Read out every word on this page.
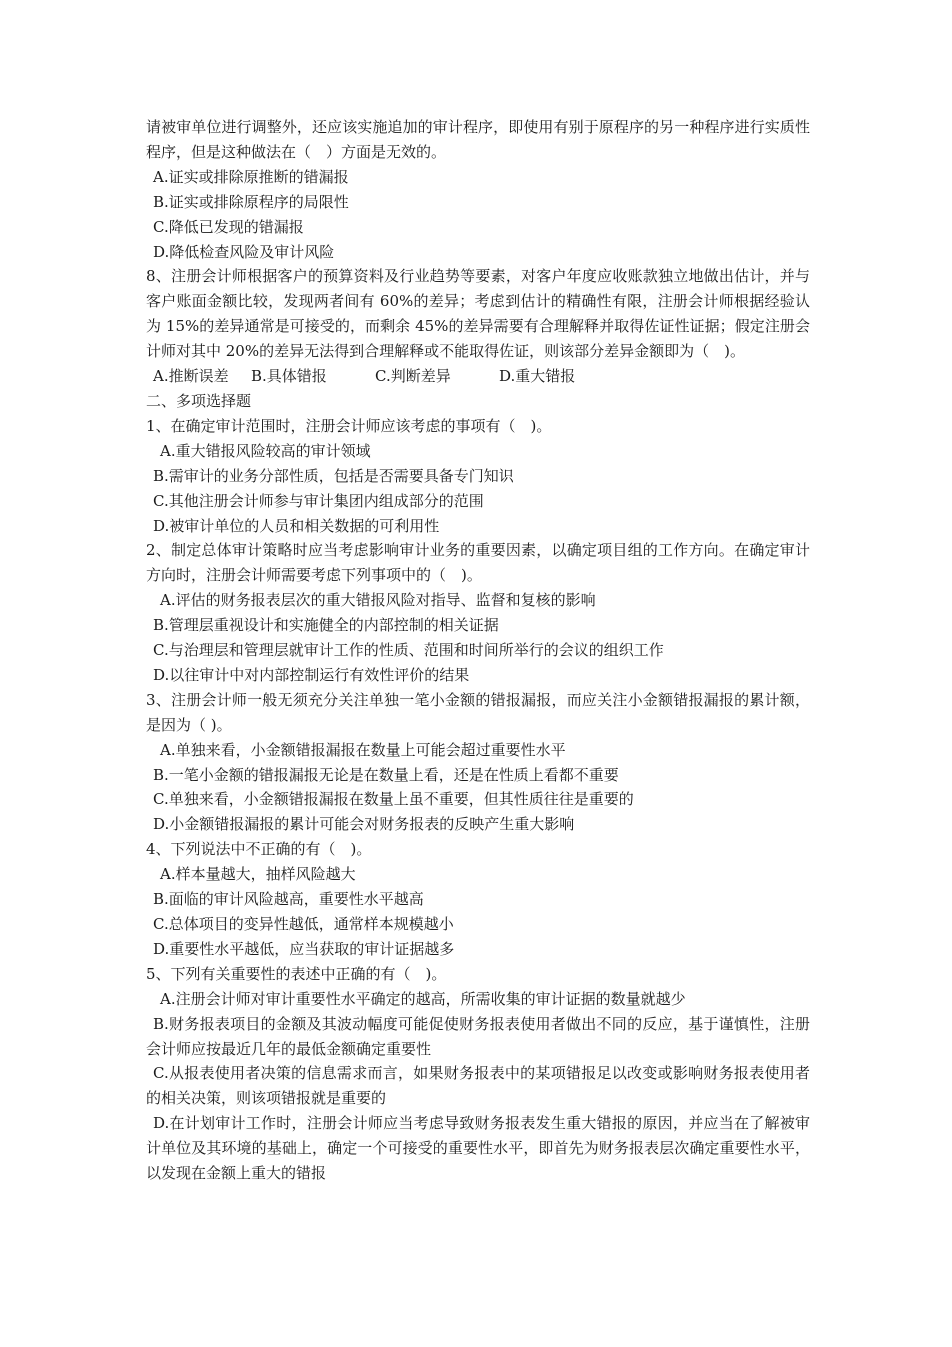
请被审单位进行调整外，还应该实施追加的审计程序，即使用有别于原程序的另一种程序进行实质性程序，但是这种做法在（　）方面是无效的。

A.证实或排除原推断的错漏报

B.证实或排除原程序的局限性

C.降低已发现的错漏报

D.降低检查风险及审计风险

8、注册会计师根据客户的预算资料及行业趋势等要素，对客户年度应收账款独立地做出估计，并与客户账面金额比较，发现两者间有 60%的差异；考虑到估计的精确性有限，注册会计师根据经验认为 15%的差异通常是可接受的，而剩余 45%的差异需要有合理解释并取得佐证性证据；假定注册会计师对其中 20%的差异无法得到合理解释或不能取得佐证，则该部分差异金额即为（　)。

A.推断误差 B.具体错报	C.判断差异	D.重大错报

二、多项选择题

1、在确定审计范围时，注册会计师应该考虑的事项有（　)。

A.重大错报风险较高的审计领域

B.需审计的业务分部性质，包括是否需要具备专门知识

C.其他注册会计师参与审计集团内组成部分的范围

D.被审计单位的人员和相关数据的可利用性

2、制定总体审计策略时应当考虑影响审计业务的重要因素，以确定项目组的工作方向。在确定审计方向时，注册会计师需要考虑下列事项中的（　)。

A.评估的财务报表层次的重大错报风险对指导、监督和复核的影响

B.管理层重视设计和实施健全的内部控制的相关证据

C.与治理层和管理层就审计工作的性质、范围和时间所举行的会议的组织工作

D.以往审计中对内部控制运行有效性评价的结果

3、注册会计师一般无须充分关注单独一笔小金额的错报漏报，而应关注小金额错报漏报的累计额，是因为（ )。

A.单独来看，小金额错报漏报在数量上可能会超过重要性水平

B.一笔小金额的错报漏报无论是在数量上看，还是在性质上看都不重要

C.单独来看，小金额错报漏报在数量上虽不重要，但其性质往往是重要的

D.小金额错报漏报的累计可能会对财务报表的反映产生重大影响

4、下列说法中不正确的有（　)。

A.样本量越大，抽样风险越大

B.面临的审计风险越高，重要性水平越高

C.总体项目的变异性越低，通常样本规模越小

D.重要性水平越低，应当获取的审计证据越多

5、下列有关重要性的表述中正确的有（　)。

A.注册会计师对审计重要性水平确定的越高，所需收集的审计证据的数量就越少

B.财务报表项目的金额及其波动幅度可能促使财务报表使用者做出不同的反应，基于谨慎性，注册会计师应按最近几年的最低金额确定重要性

C.从报表使用者决策的信息需求而言，如果财务报表中的某项错报足以改变或影响财务报表使用者的相关决策，则该项错报就是重要的

D.在计划审计工作时，注册会计师应当考虑导致财务报表发生重大错报的原因，并应当在了解被审计单位及其环境的基础上，确定一个可接受的重要性水平，即首先为财务报表层次确定重要性水平，以发现在金额上重大的错报
